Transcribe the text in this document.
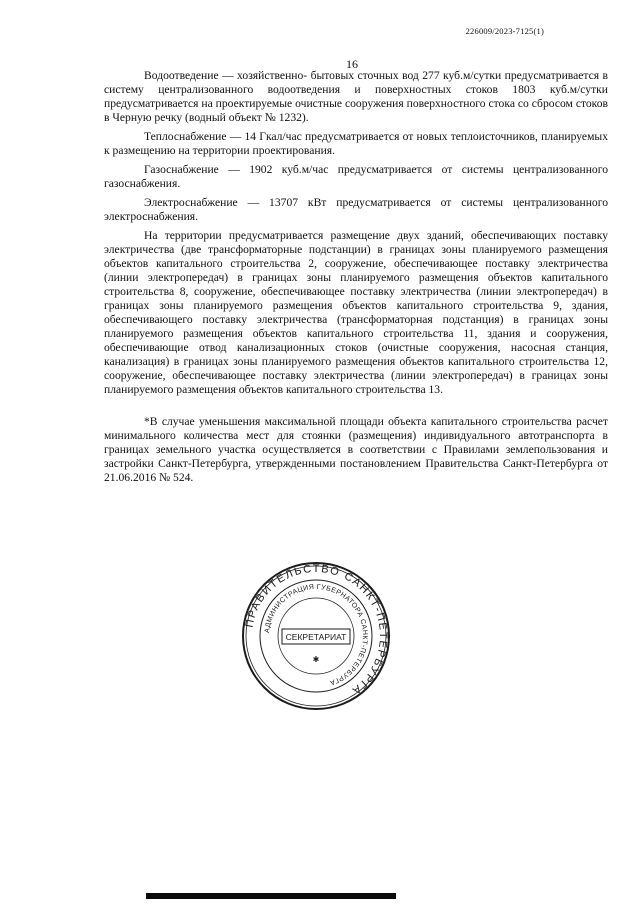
226009/2023-7125(1)
16

Водоотведение — хозяйственно- бытовых сточных вод 277 куб.м/сутки предусматривается в систему централизованного водоотведения и поверхностных стоков 1803 куб.м/сутки предусматривается на проектируемые очистные сооружения поверхностного стока со сбросом стоков в Черную речку (водный объект № 1232).

Теплоснабжение — 14 Гкал/час предусматривается от новых теплоисточников, планируемых к размещению на территории проектирования.

Газоснабжение — 1902 куб.м/час предусматривается от системы централизованного газоснабжения.

Электроснабжение — 13707 кВт предусматривается от системы централизованного электроснабжения.

На территории предусматривается размещение двух зданий, обеспечивающих поставку электричества (две трансформаторные подстанции) в границах зоны планируемого размещения объектов капитального строительства 2, сооружение, обеспечивающее поставку электричества (линии электропередач) в границах зоны планируемого размещения объектов капитального строительства 8, сооружение, обеспечивающее поставку электричества (линии электропередач) в границах зоны планируемого размещения объектов капитального строительства 9, здания, обеспечивающего поставку электричества (трансформаторная подстанция) в границах зоны планируемого размещения объектов капитального строительства 11, здания и сооружения, обеспечивающие отвод канализационных стоков (очистные сооружения, насосная станция, канализация) в границах зоны планируемого размещения объектов капитального строительства 12, сооружение, обеспечивающее поставку электричества (линии электропередач) в границах зоны планируемого размещения объектов капитального строительства 13.

*В случае уменьшения максимальной площади объекта капитального строительства расчет минимального количества мест для стоянки (размещения) индивидуального автотранспорта в границах земельного участка осуществляется в соответствии с Правилами землепользования и застройки Санкт-Петербурга, утвержденными постановлением Правительства Санкт-Петербурга от 21.06.2016 № 524.

ПРАВИТЕЛЬСТВО САНКТ-ПЕТЕРБУРГА
АДМИНИСТРАЦИЯ ГУБЕРНАТОРА САНКТ-ПЕТЕРБУРГА
СЕКРЕТАРИАТ
✱
